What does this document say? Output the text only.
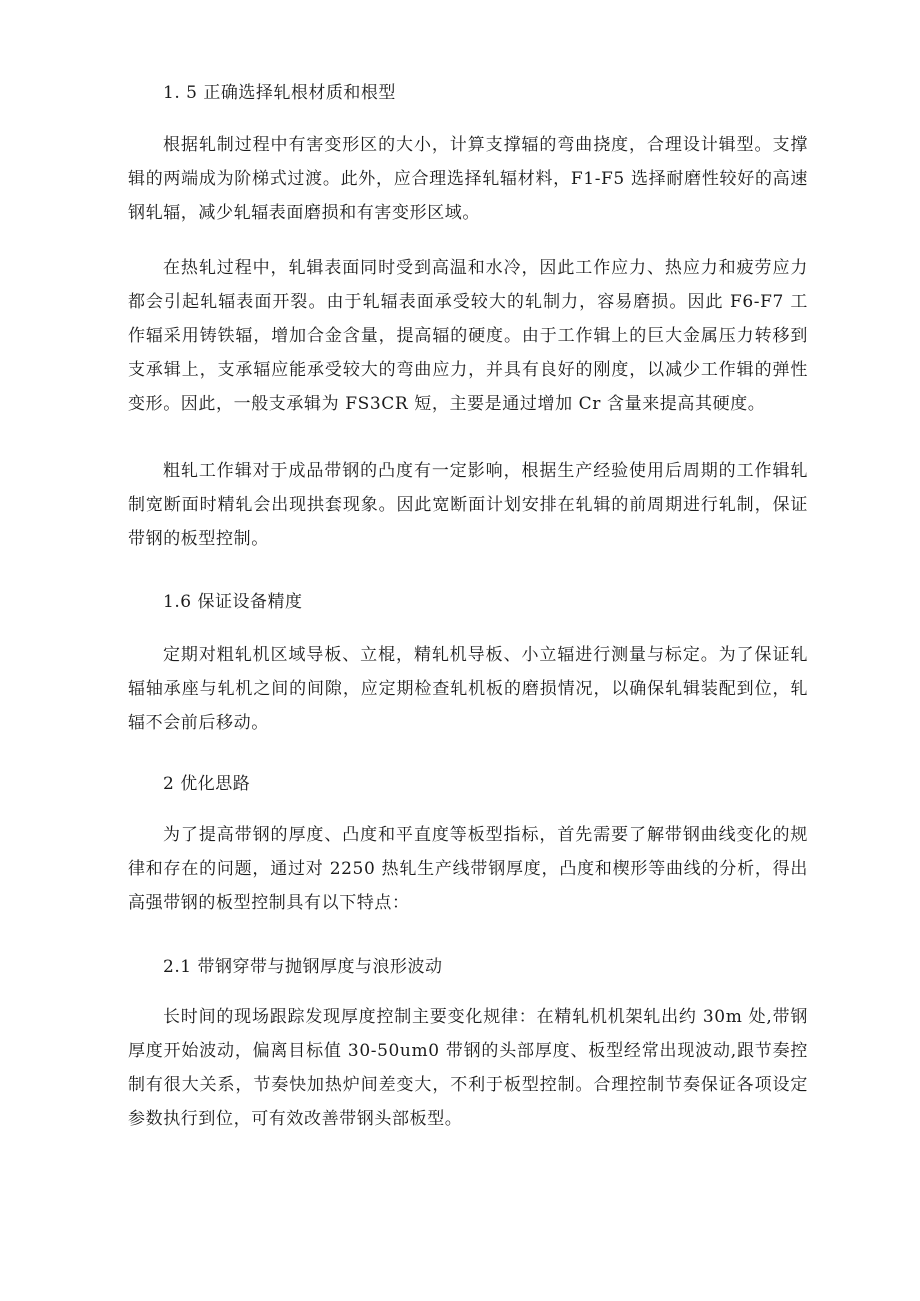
1. 5 正确选择轧根材质和根型

根据轧制过程中有害变形区的大小，计算支撑辐的弯曲挠度，合理设计辑型。支撑辑的两端成为阶梯式过渡。此外，应合理选择轧辐材料，F1-F5 选择耐磨性较好的高速钢轧辐，减少轧辐表面磨损和有害变形区域。

在热轧过程中，轧辑表面同时受到高温和水冷，因此工作应力、热应力和疲劳应力都会引起轧辐表面开裂。由于轧辐表面承受较大的轧制力，容易磨损。因此 F6-F7 工作辐采用铸铁辐，增加合金含量，提高辐的硬度。由于工作辑上的巨大金属压力转移到支承辑上，支承辐应能承受较大的弯曲应力，并具有良好的刚度，以减少工作辑的弹性变形。因此，一般支承辑为 FS3CR 短，主要是通过增加 Cr 含量来提高其硬度。

粗轧工作辑对于成品带钢的凸度有一定影响，根据生产经验使用后周期的工作辑轧制宽断面时精轧会出现拱套现象。因此宽断面计划安排在轧辑的前周期进行轧制，保证带钢的板型控制。

1.6 保证设备精度

定期对粗轧机区域导板、立棍，精轧机导板、小立辐进行测量与标定。为了保证轧辐轴承座与轧机之间的间隙，应定期检查轧机板的磨损情况，以确保轧辑装配到位，轧辐不会前后移动。

2 优化思路

为了提高带钢的厚度、凸度和平直度等板型指标，首先需要了解带钢曲线变化的规律和存在的问题，通过对 2250 热轧生产线带钢厚度，凸度和楔形等曲线的分析，得出高强带钢的板型控制具有以下特点：

2.1 带钢穿带与抛钢厚度与浪形波动

长时间的现场跟踪发现厚度控制主要变化规律：在精轧机机架轧出约 30m 处,带钢厚度开始波动，偏离目标值 30-50um0 带钢的头部厚度、板型经常出现波动,跟节奏控制有很大关系，节奏快加热炉间差变大，不利于板型控制。合理控制节奏保证各项设定参数执行到位，可有效改善带钢头部板型。
